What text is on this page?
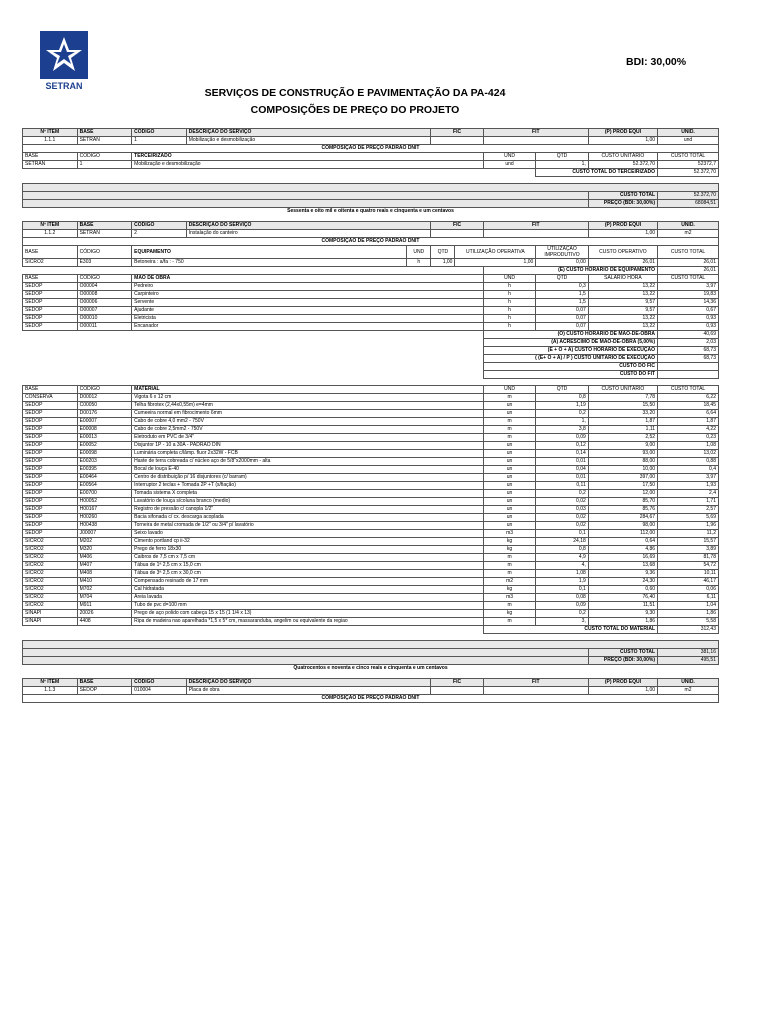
SETRAN
BDI: 30,00%
SERVIÇOS DE CONSTRUÇÃO E PAVIMENTAÇÃO DA PA-424
COMPOSIÇÕES DE PREÇO DO PROJETO
Nº ITEM	BASE	CODIGO	DESCRIÇÃO DO SERVIÇO		FIC		FIT		(P) PROD EQUI	UNID.
1.1.1	SETRAN	1	Mobilização e desmobilização						1,00	und
COMPOSIÇÃO DE PREÇO PADRÃO DNIT										
BASE	CÓDIGO	TERCEIRIZADO					UND	QTD	CUSTO UNITÁRIO	CUSTO TOTAL
SETRAN	1	Mobilização e desmobilização					und	1,	52.372,70	52372,7
								CUSTO TOTAL DO TERCEIRIZADO		52.372,70

									CUSTO TOTAL	52.372,70
									PREÇO (BDI: 30,00%)	68084,51
Sessenta e oito mil e oitenta e quatro reais e cinquenta e um centavos										

Nº ITEM	BASE	CODIGO	DESCRIÇÃO DO SERVIÇO		FIC		FIT		(P) PROD EQUI	UNID.
1.1.2	SETRAN	2	Instalação do canteiro						1,00	m2
COMPOSIÇÃO DE PREÇO PADRÃO DNIT										
BASE	CÓDIGO	EQUIPAMENTO		UND	QTD	UTILIZAÇÃO OPERATIVA		UTILIZAÇÃO IMPRODUTIVO	CUSTO OPERATIVO	CUSTO TOTAL
SICRO2	E303	Betoneira : a/fa : - 750		h	1,00	1,00		0,00	26,01	26,01
							(E) CUSTO HORÁRIO DE EQUIPAMENTO			26,01
BASE	CÓDIGO	MÃO DE OBRA					UND	QTD	SALARIO HORA	CUSTO TOTAL
SEDOP	O00004	Pedreiro					h	0,3	13,22	3,97
SEDOP	O00008	Carpinteiro					h	1,5	13,22	19,83
SEDOP	O00006	Servente					h	1,5	9,57	14,36
SEDOP	O00007	Ajudante					h	0,07	9,57	0,67
SEDOP	O00010	Eletricista					h	0,07	13,22	0,93
SEDOP	O00011	Encanador					h	0,07	13,22	0,93
							(O) CUSTO HORÁRIO DE MÃO-DE-OBRA			40,69
							(A) ACRESCIMO DE MÃO-DE-OBRA (5,00%)			2,03
							(E + O + A) CUSTO HORÁRIO DE EXECUÇÃO			68,73
							( (E+ O + A) / P ) CUSTO UNITÁRIO DE EXECUÇÃO			68,73
							CUSTO DO FIC			
							CUSTO DO FIT			

BASE	CÓDIGO	MATERIAL					UND	QTD	CUSTO UNITÁRIO	CUSTO TOTAL
CONSERVA	D00012	Vigota 6 x 12 cm					m	0,8	7,78	6,22
SEDOP	C00050	Telha fibrotex (2,44x0,55m) e=4mm					un	1,19	15,50	18,45
SEDOP	D00176	Cumeeira normal em fibrocimento 6mm					un	0,2	33,20	6,64
SEDOP	E00007	Cabo de cobre 4,0 mm2 - 750V					m	1,	1,87	1,87
SEDOP	E00008	Cabo de cobre 2,5mm2 - 750V					m	3,8	1,11	4,22
SEDOP	E00013	Eletroduto em PVC de 3/4"					m	0,09	2,52	0,23
SEDOP	E00052	Disjuntor 1P - 10 a 30A - PADRÃO DIN					un	0,12	9,00	1,08
SEDOP	E00098	Luminária completa c/lâmp. fluor 2x32W - FCB					un	0,14	93,00	13,02
SEDOP	E00203	Haste de terra cobreada c/ núcleo aço de 5/8"x2000mm - alta					un	0,01	88,00	0,88
SEDOP	E00395	Bocal de louça E-40					un	0,04	10,00	0,4
SEDOP	E00464	Centro de distribuição p/ 16 disjuntores (c/ barram)					un	0,01	397,00	3,97
SEDOP	E00564	Interruptor 2 teclas + Tomada 2P +T (s/fiação)					un	0,11	17,50	1,93
SEDOP	E00700	Tomada sistema X completa					un	0,2	12,00	2,4
SEDOP	H00052	Lavatório de louça s/coluna branco (medio)					un	0,02	85,70	1,71
SEDOP	H00167	Registro de pressão c/ canopla 1/2"					un	0,03	85,76	2,57
SEDOP	H00260	Bacia sifonada c/ cx. descarga acoplada					un	0,02	284,67	5,69
SEDOP	H00438	Torneira de metal cromada de 1/2" ou 3/4" p/ lavatório					un	0,02	98,00	1,96
SEDOP	J00007	Seixo lavado					m3	0,1	112,00	11,2
SICRO2	M202	Cimento portland cp ii-32					kg	24,18	0,64	15,57
SICRO2	M320	Prego de ferro 18x30					kg	0,8	4,86	3,89
SICRO2	M406	Caibros de 7,5 cm x 7,5 cm					m	4,9	16,69	81,78
SICRO2	M407	Tábua de 1ª 2,5 cm x 15,0 cm					m	4,	13,68	54,72
SICRO2	M408	Tábua de 3ª 2,5 cm x 30,0 cm					m	1,08	9,36	10,11
SICRO2	M410	Compensado resinado de 17 mm					m2	1,9	24,30	46,17
SICRO2	M702	Cal hidratada					kg	0,1	0,60	0,06
SICRO2	M704	Areia lavada					m3	0,08	76,40	6,11
SICRO2	M911	Tubo de pvc d=100 mm					m	0,09	11,51	1,04
SINAPI	20026	Prego de aço polido com cabeça 15 x 15 (1 1/4 x 13)					kg	0,2	9,30	1,86
SINAPI	4408	Ripa de madeira nao aparelhada *1,5 x 5* cm, massaranduba, angelim ou equivalente da regiao					m	3,	1,86	5,58
							CUSTO TOTAL DO MATERIAL			312,43

									CUSTO TOTAL	381,16
									PREÇO (BDI: 30,00%)	495,51
Quatrocentos e noventa e cinco reais e cinquenta e um centavos										

Nº ITEM	BASE	CODIGO	DESCRIÇÃO DO SERVIÇO		FIC		FIT		(P) PROD EQUI	UNID.
1.1.3	SEDOP	010004	Placa de obra						1,00	m2
COMPOSIÇÃO DE PREÇO PADRÃO DNIT										
